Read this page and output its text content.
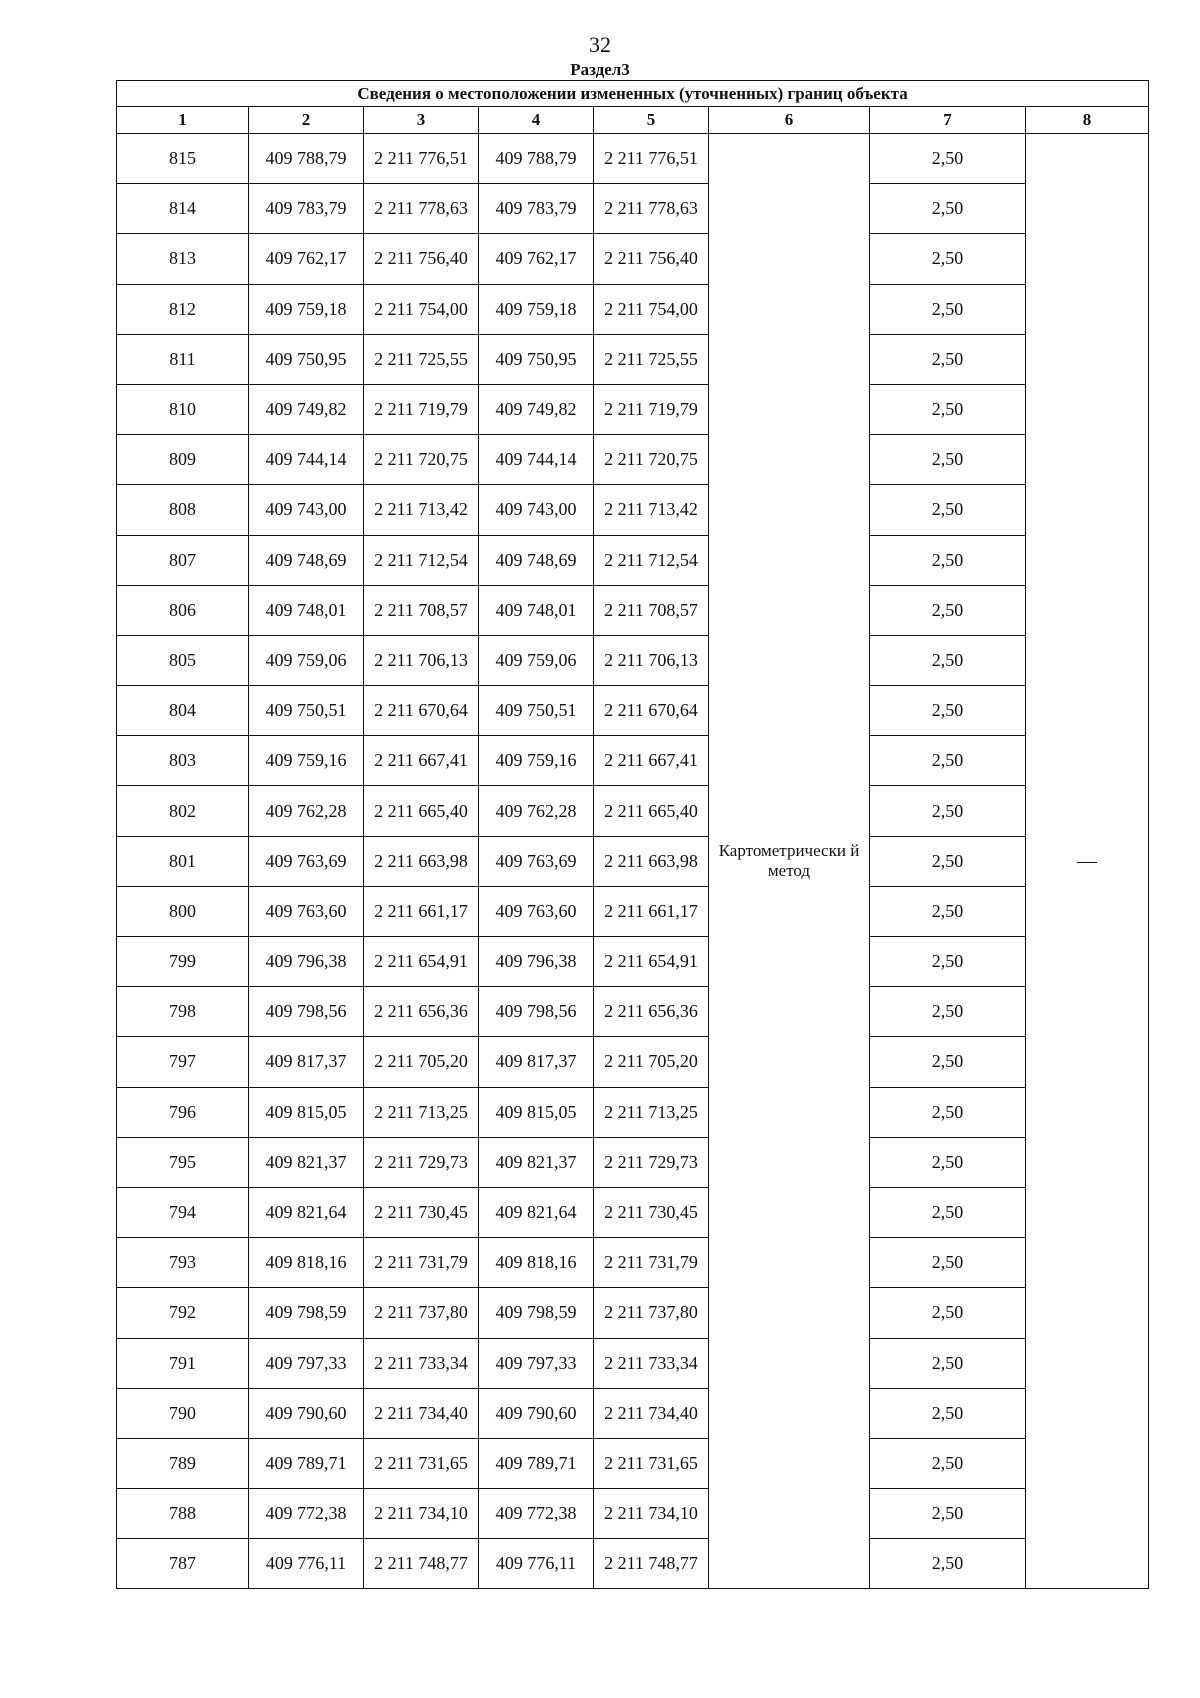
32
Раздел3
Сведения о местоположении измененных (уточненных) границ объекта							
1	2	3	4	5	6	7	8
815	409 788,79	2 211 776,51	409 788,79	2 211 776,51	Картометрически й метод	2,50	—
814	409 783,79	2 211 778,63	409 783,79	2 211 778,63		2,50	
813	409 762,17	2 211 756,40	409 762,17	2 211 756,40		2,50	
812	409 759,18	2 211 754,00	409 759,18	2 211 754,00		2,50	
811	409 750,95	2 211 725,55	409 750,95	2 211 725,55		2,50	
810	409 749,82	2 211 719,79	409 749,82	2 211 719,79		2,50	
809	409 744,14	2 211 720,75	409 744,14	2 211 720,75		2,50	
808	409 743,00	2 211 713,42	409 743,00	2 211 713,42		2,50	
807	409 748,69	2 211 712,54	409 748,69	2 211 712,54		2,50	
806	409 748,01	2 211 708,57	409 748,01	2 211 708,57		2,50	
805	409 759,06	2 211 706,13	409 759,06	2 211 706,13		2,50	
804	409 750,51	2 211 670,64	409 750,51	2 211 670,64		2,50	
803	409 759,16	2 211 667,41	409 759,16	2 211 667,41		2,50	
802	409 762,28	2 211 665,40	409 762,28	2 211 665,40		2,50	
801	409 763,69	2 211 663,98	409 763,69	2 211 663,98		2,50	
800	409 763,60	2 211 661,17	409 763,60	2 211 661,17		2,50	
799	409 796,38	2 211 654,91	409 796,38	2 211 654,91		2,50	
798	409 798,56	2 211 656,36	409 798,56	2 211 656,36		2,50	
797	409 817,37	2 211 705,20	409 817,37	2 211 705,20		2,50	
796	409 815,05	2 211 713,25	409 815,05	2 211 713,25		2,50	
795	409 821,37	2 211 729,73	409 821,37	2 211 729,73		2,50	
794	409 821,64	2 211 730,45	409 821,64	2 211 730,45		2,50	
793	409 818,16	2 211 731,79	409 818,16	2 211 731,79		2,50	
792	409 798,59	2 211 737,80	409 798,59	2 211 737,80		2,50	
791	409 797,33	2 211 733,34	409 797,33	2 211 733,34		2,50	
790	409 790,60	2 211 734,40	409 790,60	2 211 734,40		2,50	
789	409 789,71	2 211 731,65	409 789,71	2 211 731,65		2,50	
788	409 772,38	2 211 734,10	409 772,38	2 211 734,10		2,50	
787	409 776,11	2 211 748,77	409 776,11	2 211 748,77		2,50	
